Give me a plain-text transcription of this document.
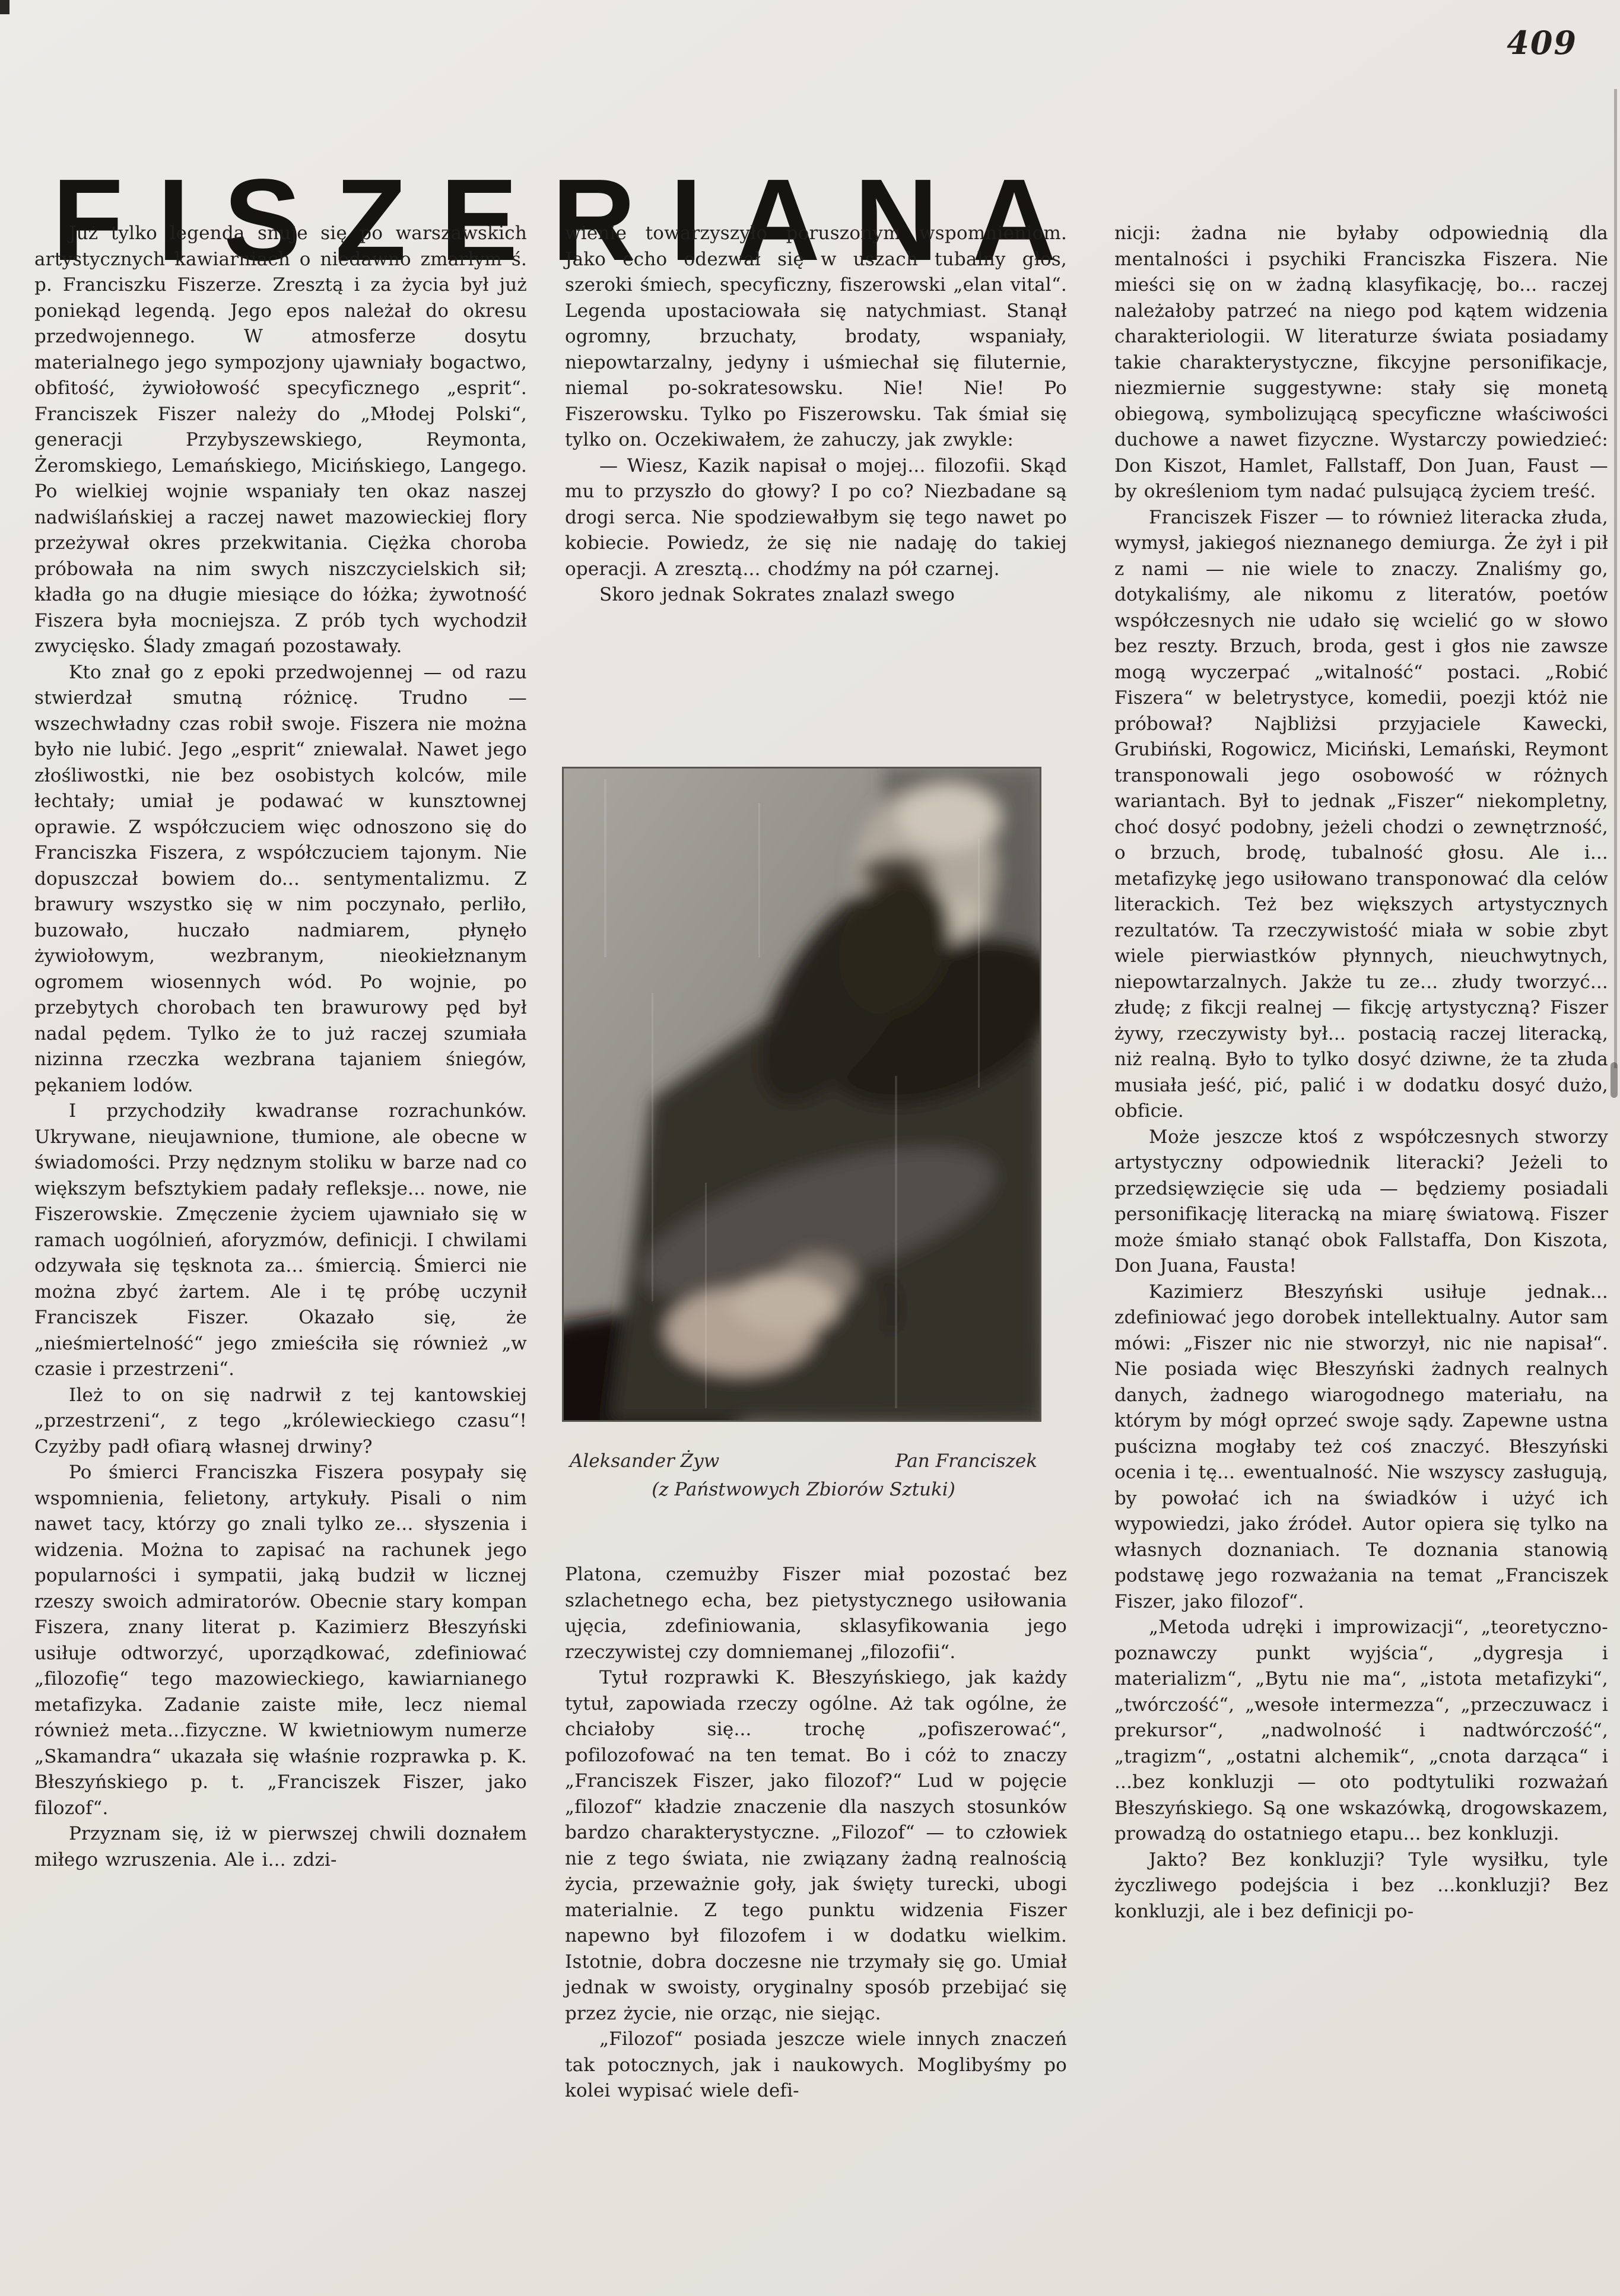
409
F I S Z E R I A N A

Już tylko legenda snuje się po warszawskich artystycznych kawiarniach o niedawno zmarłym ś. p. Franciszku Fiszerze. Zresztą i za życia był już poniekąd legendą. Jego epos należał do okresu przedwojennego. W atmosferze dosytu materialnego jego sympozjony ujawniały bogactwo, obfitość, żywiołowość specyficznego „esprit“. Franciszek Fiszer należy do „Młodej Polski“, generacji Przybyszewskiego, Reymonta, Żeromskiego, Lemańskiego, Micińskiego, Langego. Po wielkiej wojnie wspaniały ten okaz naszej nadwiślańskiej a raczej nawet mazowieckiej flory przeżywał okres przekwitania. Ciężka choroba próbowała na nim swych niszczycielskich sił; kładła go na długie miesiące do łóżka; żywotność Fiszera była mocniejsza. Z prób tych wychodził zwycięsko. Ślady zmagań pozostawały.

Kto znał go z epoki przedwojennej — od razu stwierdzał smutną różnicę. Trudno — wszechwładny czas robił swoje. Fiszera nie można było nie lubić. Jego „esprit“ zniewalał. Nawet jego złośliwostki, nie bez osobistych kolców, mile łechtały; umiał je podawać w kunsztownej oprawie. Z współczuciem więc odnoszono się do Franciszka Fiszera, z współczuciem tajonym. Nie dopuszczał bowiem do... sentymentalizmu. Z brawury wszystko się w nim poczynało, perliło, buzowało, huczało nadmiarem, płynęło żywiołowym, wezbranym, nieokiełznanym ogromem wiosennych wód. Po wojnie, po przebytych chorobach ten brawurowy pęd był nadal pędem. Tylko że to już raczej szumiała nizinna rzeczka wezbrana tajaniem śniegów, pękaniem lodów.

I przychodziły kwadranse rozrachunków. Ukrywane, nieujawnione, tłumione, ale obecne w świadomości. Przy nędznym stoliku w barze nad co większym befsztykiem padały refleksje... nowe, nie Fiszerowskie. Zmęczenie życiem ujawniało się w ramach uogólnień, aforyzmów, definicji. I chwilami odzywała się tęsknota za... śmiercią. Śmierci nie można zbyć żartem. Ale i tę próbę uczynił Franciszek Fiszer. Okazało się, że „nieśmiertelność“ jego zmieściła się również „w czasie i przestrzeni“.

Ileż to on się nadrwił z tej kantowskiej „przestrzeni“, z tego „królewieckiego czasu“! Czyżby padł ofiarą własnej drwiny?

Po śmierci Franciszka Fiszera posypały się wspomnienia, felietony, artykuły. Pisali o nim nawet tacy, którzy go znali tylko ze... słyszenia i widzenia. Można to zapisać na rachunek jego popularności i sympatii, jaką budził w licznej rzeszy swoich admiratorów. Obecnie stary kompan Fiszera, znany literat p. Kazimierz Błeszyński usiłuje odtworzyć, uporządkować, zdefiniować „filozofię“ tego mazowieckiego, kawiarnianego metafizyka. Zadanie zaiste miłe, lecz niemal również meta...fizyczne. W kwietniowym numerze „Skamandra“ ukazała się właśnie rozprawka p. K. Błeszyńskiego p. t. „Franciszek Fiszer, jako filozof“.

Przyznam się, iż w pierwszej chwili doznałem miłego wzruszenia. Ale i... zdzi-

wienie towarzyszyło poruszonym wspomnieniom. Jako echo odezwał się w uszach tubalny głos, szeroki śmiech, specyficzny, fiszerowski „elan vital“. Legenda upostaciowała się natychmiast. Stanął ogromny, brzuchaty, brodaty, wspaniały, niepowtarzalny, jedyny i uśmiechał się filuternie, niemal po-sokratesowsku. Nie! Nie! Po Fiszerowsku. Tylko po Fiszerowsku. Tak śmiał się tylko on. Oczekiwałem, że zahuczy, jak zwykle:

— Wiesz, Kazik napisał o mojej... filozofii. Skąd mu to przyszło do głowy? I po co? Niezbadane są drogi serca. Nie spodziewałbym się tego nawet po kobiecie. Powiedz, że się nie nadaję do takiej operacji. A zresztą... chodźmy na pół czarnej.

Skoro jednak Sokrates znalazł swego

Aleksander Żyw	Pan Franciszek
(z Państwowych Zbiorów Sztuki)

Platona, czemużby Fiszer miał pozostać bez szlachetnego echa, bez pietystycznego usiłowania ujęcia, zdefiniowania, sklasyfikowania jego rzeczywistej czy domniemanej „filozofii“.

Tytuł rozprawki K. Błeszyńskiego, jak każdy tytuł, zapowiada rzeczy ogólne. Aż tak ogólne, że chciałoby się... trochę „pofiszerować“, pofilozofować na ten temat. Bo i cóż to znaczy „Franciszek Fiszer, jako filozof?“ Lud w pojęcie „filozof“ kładzie znaczenie dla naszych stosunków bardzo charakterystyczne. „Filozof“ — to człowiek nie z tego świata, nie związany żadną realnością życia, przeważnie goły, jak święty turecki, ubogi materialnie. Z tego punktu widzenia Fiszer napewno był filozofem i w dodatku wielkim. Istotnie, dobra doczesne nie trzymały się go. Umiał jednak w swoisty, oryginalny sposób przebijać się przez życie, nie orząc, nie siejąc.

„Filozof“ posiada jeszcze wiele innych znaczeń tak potocznych, jak i naukowych. Moglibyśmy po kolei wypisać wiele defi-

nicji: żadna nie byłaby odpowiednią dla mentalności i psychiki Franciszka Fiszera. Nie mieści się on w żadną klasyfikację, bo... raczej należałoby patrzeć na niego pod kątem widzenia charakteriologii. W literaturze świata posiadamy takie charakterystyczne, fikcyjne personifikacje, niezmiernie suggestywne: stały się monetą obiegową, symbolizującą specyficzne właściwości duchowe a nawet fizyczne. Wystarczy powiedzieć: Don Kiszot, Hamlet, Fallstaff, Don Juan, Faust — by określeniom tym nadać pulsującą życiem treść.

Franciszek Fiszer — to również literacka złuda, wymysł, jakiegoś nieznanego demiurga. Że żył i pił z nami — nie wiele to znaczy. Znaliśmy go, dotykaliśmy, ale nikomu z literatów, poetów współczesnych nie udało się wcielić go w słowo bez reszty. Brzuch, broda, gest i głos nie zawsze mogą wyczerpać „witalność“ postaci. „Robić Fiszera“ w beletrystyce, komedii, poezji któż nie próbował? Najbliżsi przyjaciele Kawecki, Grubiński, Rogowicz, Miciński, Lemański, Reymont transponowali jego osobowość w różnych wariantach. Był to jednak „Fiszer“ niekompletny, choć dosyć podobny, jeżeli chodzi o zewnętrzność, o brzuch, brodę, tubalność głosu. Ale i... metafizykę jego usiłowano transponować dla celów literackich. Też bez większych artystycznych rezultatów. Ta rzeczywistość miała w sobie zbyt wiele pierwiastków płynnych, nieuchwytnych, niepowtarzalnych. Jakże tu ze... złudy tworzyć... złudę; z fikcji realnej — fikcję artystyczną? Fiszer żywy, rzeczywisty był... postacią raczej literacką, niż realną. Było to tylko dosyć dziwne, że ta złuda musiała jeść, pić, palić i w dodatku dosyć dużo, obficie.

Może jeszcze ktoś z współczesnych stworzy artystyczny odpowiednik literacki? Jeżeli to przedsięwzięcie się uda — będziemy posiadali personifikację literacką na miarę światową. Fiszer może śmiało stanąć obok Fallstaffa, Don Kiszota, Don Juana, Fausta!

Kazimierz Błeszyński usiłuje jednak... zdefiniować jego dorobek intellektualny. Autor sam mówi: „Fiszer nic nie stworzył, nic nie napisał“. Nie posiada więc Błeszyński żadnych realnych danych, żadnego wiarogodnego materiału, na którym by mógł oprzeć swoje sądy. Zapewne ustna puścizna mogłaby też coś znaczyć. Błeszyński ocenia i tę... ewentualność. Nie wszyscy zasługują, by powołać ich na świadków i użyć ich wypowiedzi, jako źródeł. Autor opiera się tylko na własnych doznaniach. Te doznania stanowią podstawę jego rozważania na temat „Franciszek Fiszer, jako filozof“.

„Metoda udręki i improwizacji“, „teoretyczno-poznawczy punkt wyjścia“, „dygresja i materializm“, „Bytu nie ma“, „istota metafizyki“, „twórczość“, „wesołe intermezza“, „przeczuwacz i prekursor“, „nadwolność i nadtwórczość“, „tragizm“, „ostatni alchemik“, „cnota darząca“ i ...bez konkluzji — oto podtytuliki rozważań Błeszyńskiego. Są one wskazówką, drogowskazem, prowadzą do ostatniego etapu... bez konkluzji.

Jakto? Bez konkluzji? Tyle wysiłku, tyle życzliwego podejścia i bez ...konkluzji? Bez konkluzji, ale i bez definicji po-
